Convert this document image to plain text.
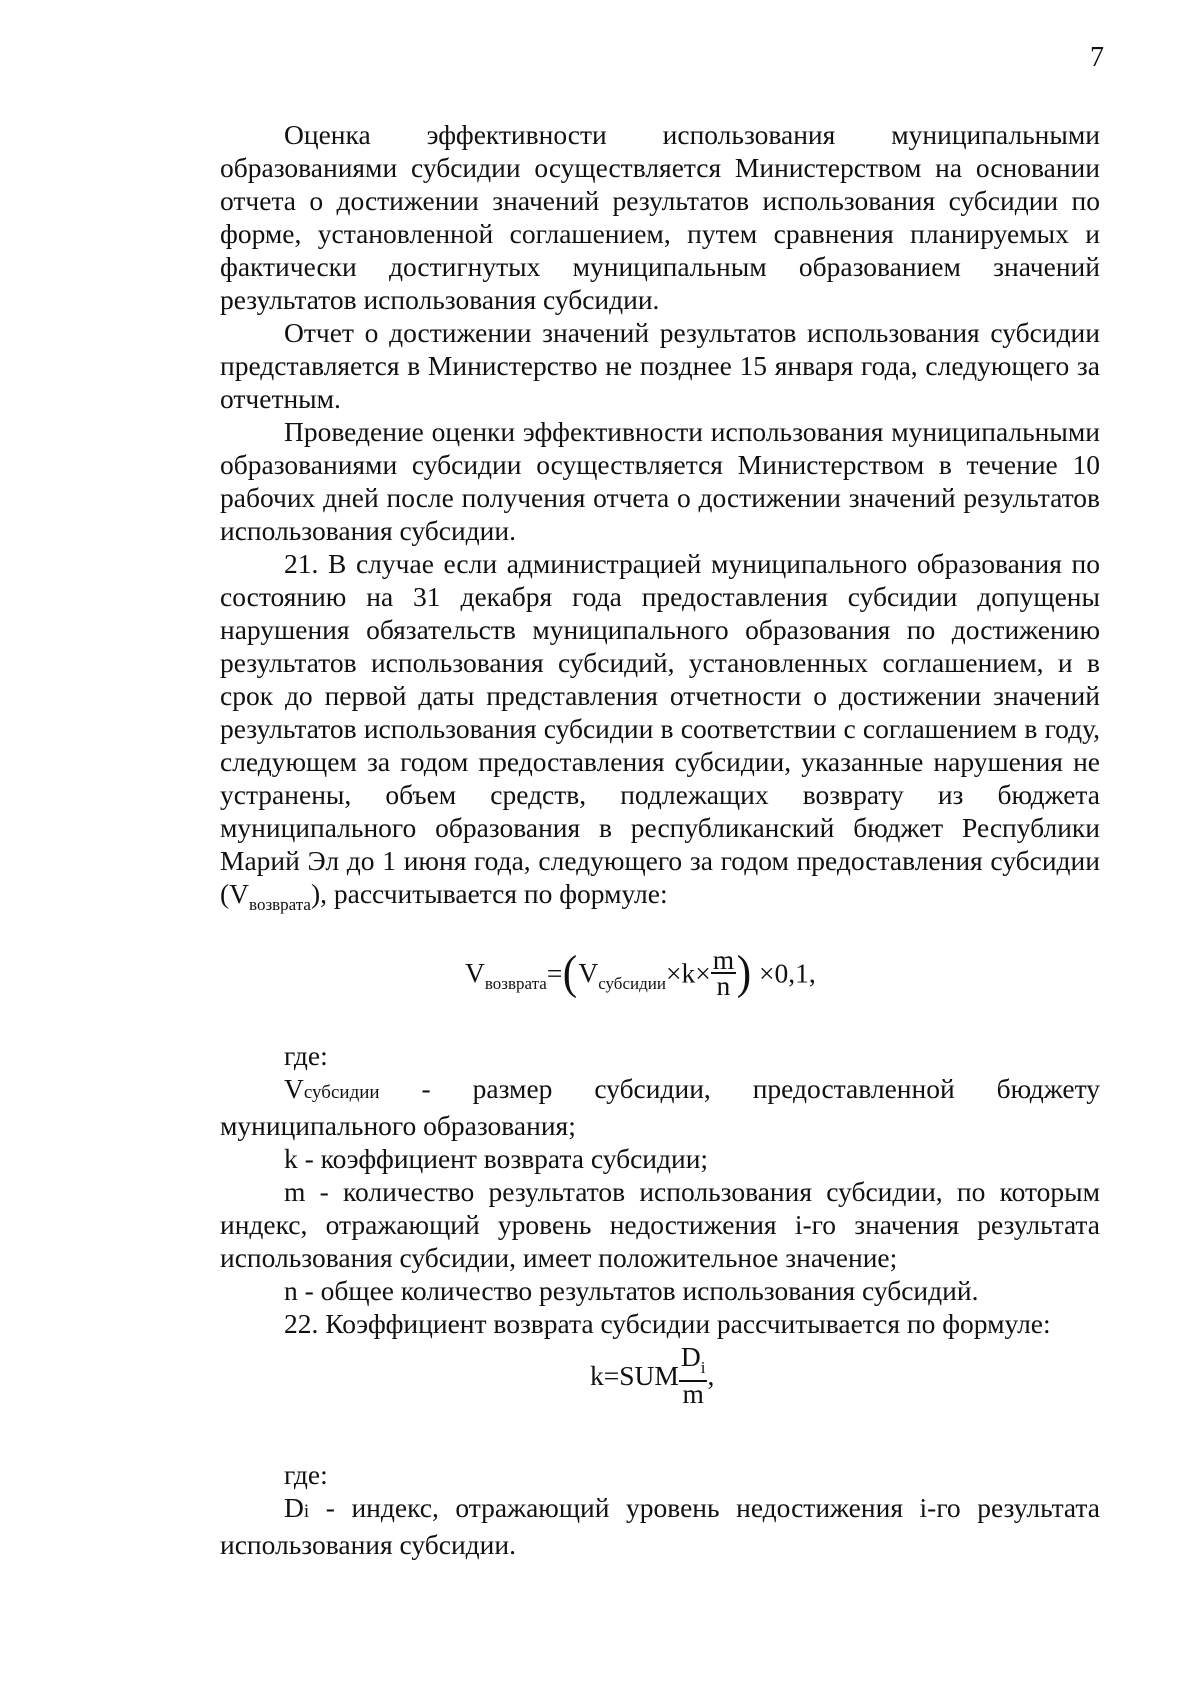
7

Оценка эффективности использования муниципальными образованиями субсидии осуществляется Министерством на основании отчета о достижении значений результатов использования субсидии по форме, установленной соглашением, путем сравнения планируемых и фактически достигнутых муниципальным образованием значений результатов использования субсидии.

Отчет о достижении значений результатов использования субсидии представляется в Министерство не позднее 15 января года, следующего за отчетным.

Проведение оценки эффективности использования муниципальными образованиями субсидии осуществляется Министерством в течение 10 рабочих дней после получения отчета о достижении значений результатов использования субсидии.

21. В случае если администрацией муниципального образования по состоянию на 31 декабря года предоставления субсидии допущены нарушения обязательств муниципального образования по достижению результатов использования субсидий, установленных соглашением, и в срок до первой даты представления отчетности о достижении значений результатов использования субсидии в соответствии с соглашением в году, следующем за годом предоставления субсидии, указанные нарушения не устранены, объем средств, подлежащих возврату из бюджета муниципального образования в республиканский бюджет Республики Марий Эл до 1 июня года, следующего за годом предоставления субсидии $(V_{возврата})$, рассчитывается по формуле:

$V_{возврата}=(V_{субсидии}\times k\times \frac{m}{n}$ ) ×0,1,

где:

Vсубсидии - размер субсидии, предоставленной бюджету муниципального образования;

k - коэффициент возврата субсидии;

m - количество результатов использования субсидии, по которым индекс, отражающий уровень недостижения i-го значения результата использования субсидии, имеет положительное значение;

n - общее количество результатов использования субсидий.

22. Коэффициент возврата субсидии рассчитывается по формуле:

$k=SUM \frac{D_i}{m}$ ,

где:

Di - индекс, отражающий уровень недостижения i-го результата использования субсидии.
